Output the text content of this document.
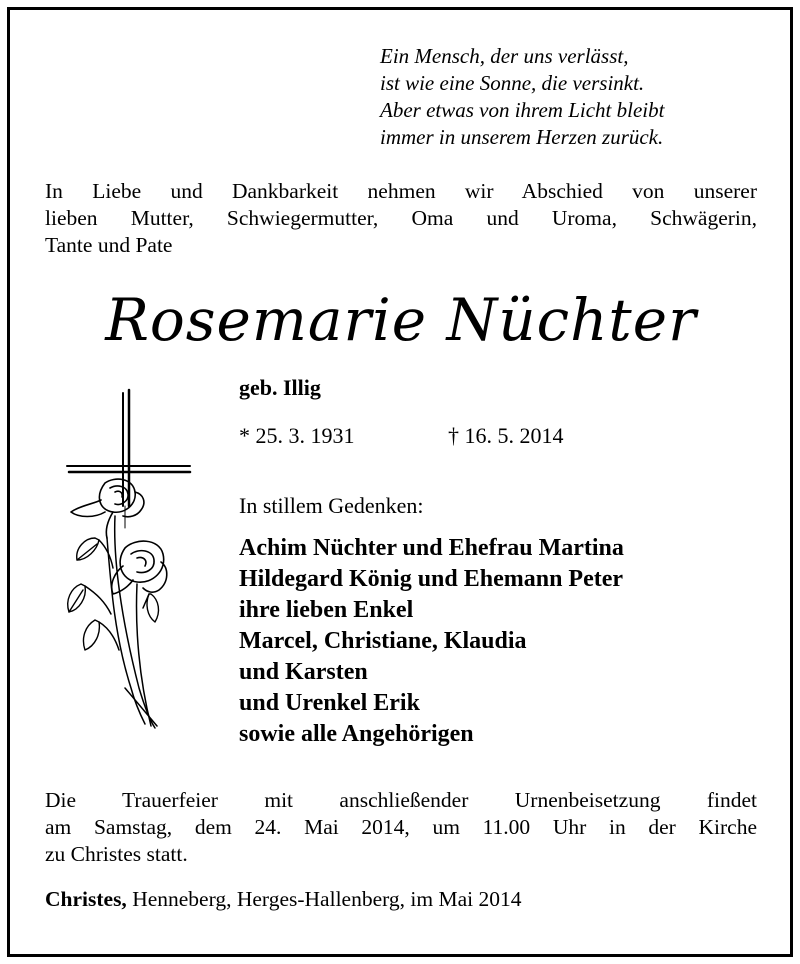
Ein Mensch, der uns verlässt,
ist wie eine Sonne, die versinkt.
Aber etwas von ihrem Licht bleibt
immer in unserem Herzen zurück.
In Liebe und Dankbarkeit nehmen wir Abschied von unserer
lieben Mutter, Schwiegermutter, Oma und Uroma, Schwägerin,
Tante und Pate
Rosemarie Nüchter
geb. Illig
* 25. 3. 1931	† 16. 5. 2014
In stillem Gedenken:
Achim Nüchter und Ehefrau Martina
Hildegard König und Ehemann Peter
ihre lieben Enkel
Marcel, Christiane, Klaudia
und Karsten
und Urenkel Erik
sowie alle Angehörigen
Die Trauerfeier mit anschließender Urnenbeisetzung findet
am Samstag, dem 24. Mai 2014, um 11.00 Uhr in der Kirche
zu Christes statt.
Christes, Henneberg, Herges-Hallenberg, im Mai 2014
